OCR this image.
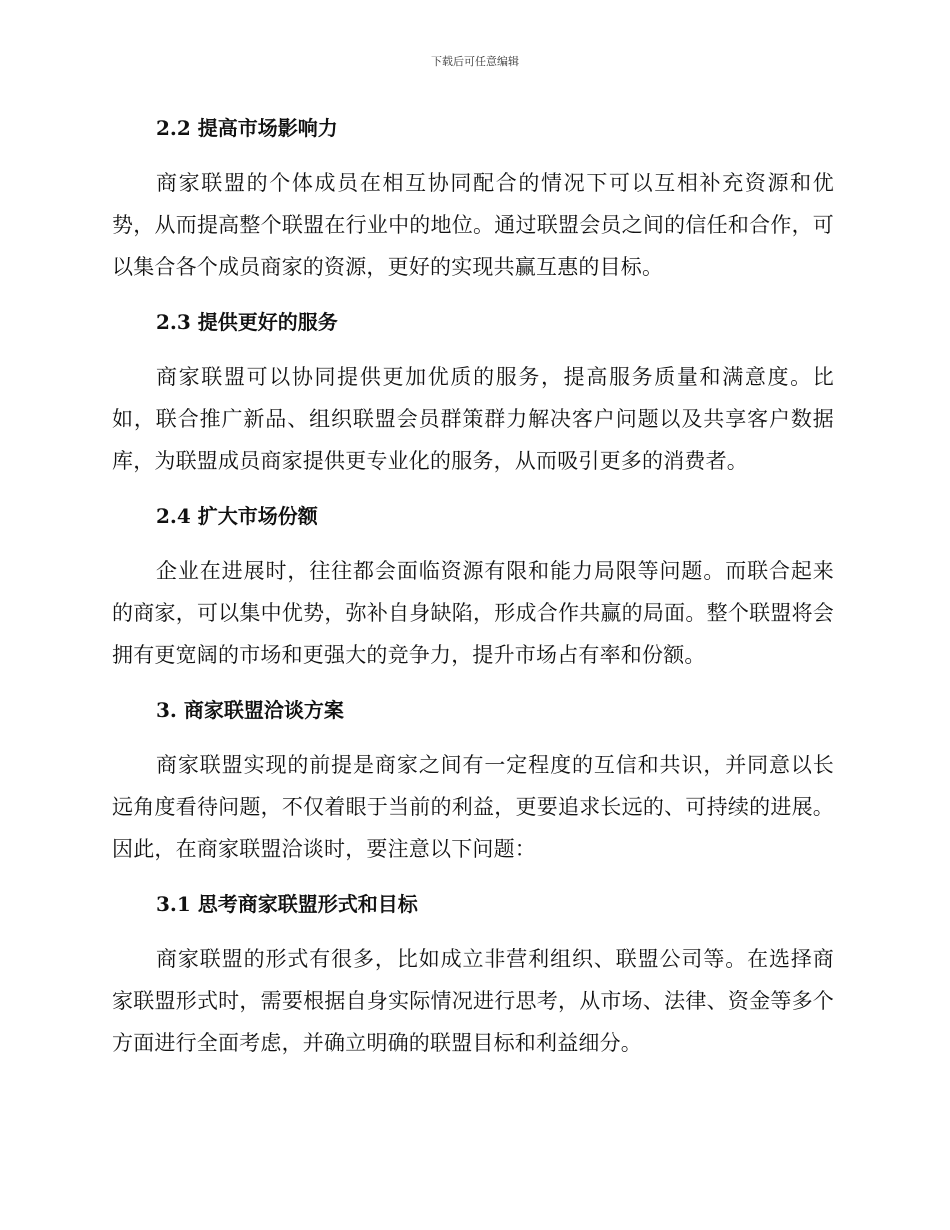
下载后可任意编辑
2.2 提高市场影响力

商家联盟的个体成员在相互协同配合的情况下可以互相补充资源和优势，从而提高整个联盟在行业中的地位。通过联盟会员之间的信任和合作，可以集合各个成员商家的资源，更好的实现共赢互惠的目标。

2.3 提供更好的服务

商家联盟可以协同提供更加优质的服务，提高服务质量和满意度。比如，联合推广新品、组织联盟会员群策群力解决客户问题以及共享客户数据库，为联盟成员商家提供更专业化的服务，从而吸引更多的消费者。

2.4 扩大市场份额

企业在进展时，往往都会面临资源有限和能力局限等问题。而联合起来的商家，可以集中优势，弥补自身缺陷，形成合作共赢的局面。整个联盟将会拥有更宽阔的市场和更强大的竞争力，提升市场占有率和份额。

3. 商家联盟洽谈方案

商家联盟实现的前提是商家之间有一定程度的互信和共识，并同意以长远角度看待问题，不仅着眼于当前的利益，更要追求长远的、可持续的进展。因此，在商家联盟洽谈时，要注意以下问题：

3.1 思考商家联盟形式和目标

商家联盟的形式有很多，比如成立非营利组织、联盟公司等。在选择商家联盟形式时，需要根据自身实际情况进行思考，从市场、法律、资金等多个方面进行全面考虑，并确立明确的联盟目标和利益细分。
